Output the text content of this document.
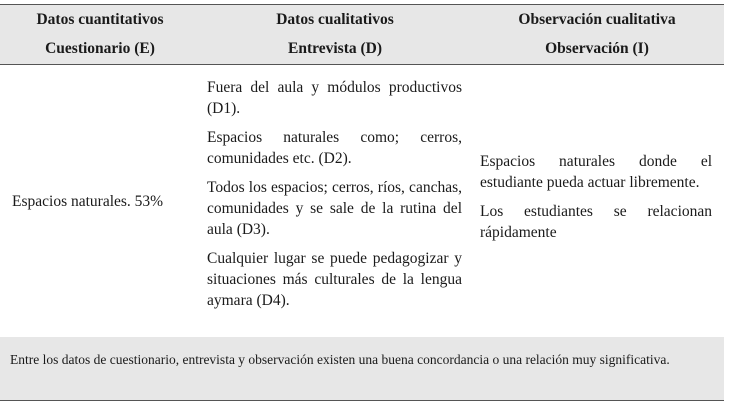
Datos cuantitativos
Cuestionario (E)
Datos cualitativos
Entrevista (D)
Observación cualitativa
Observación (I)
Espacios naturales. 53%

Fuera del aula y módulos productivos (D1).

Espacios naturales como; cerros, comunidades etc. (D2).

Todos los espacios; cerros, ríos, canchas, comunidades y se sale de la rutina del aula (D3).

Cualquier lugar se puede pedagogizar y situaciones más culturales de la lengua aymara (D4).

Espacios naturales donde el estudiante pueda actuar libremente.

Los estudiantes se relacionan rápidamente

Entre los datos de cuestionario, entrevista y observación existen una buena concordancia o una relación muy significativa.
